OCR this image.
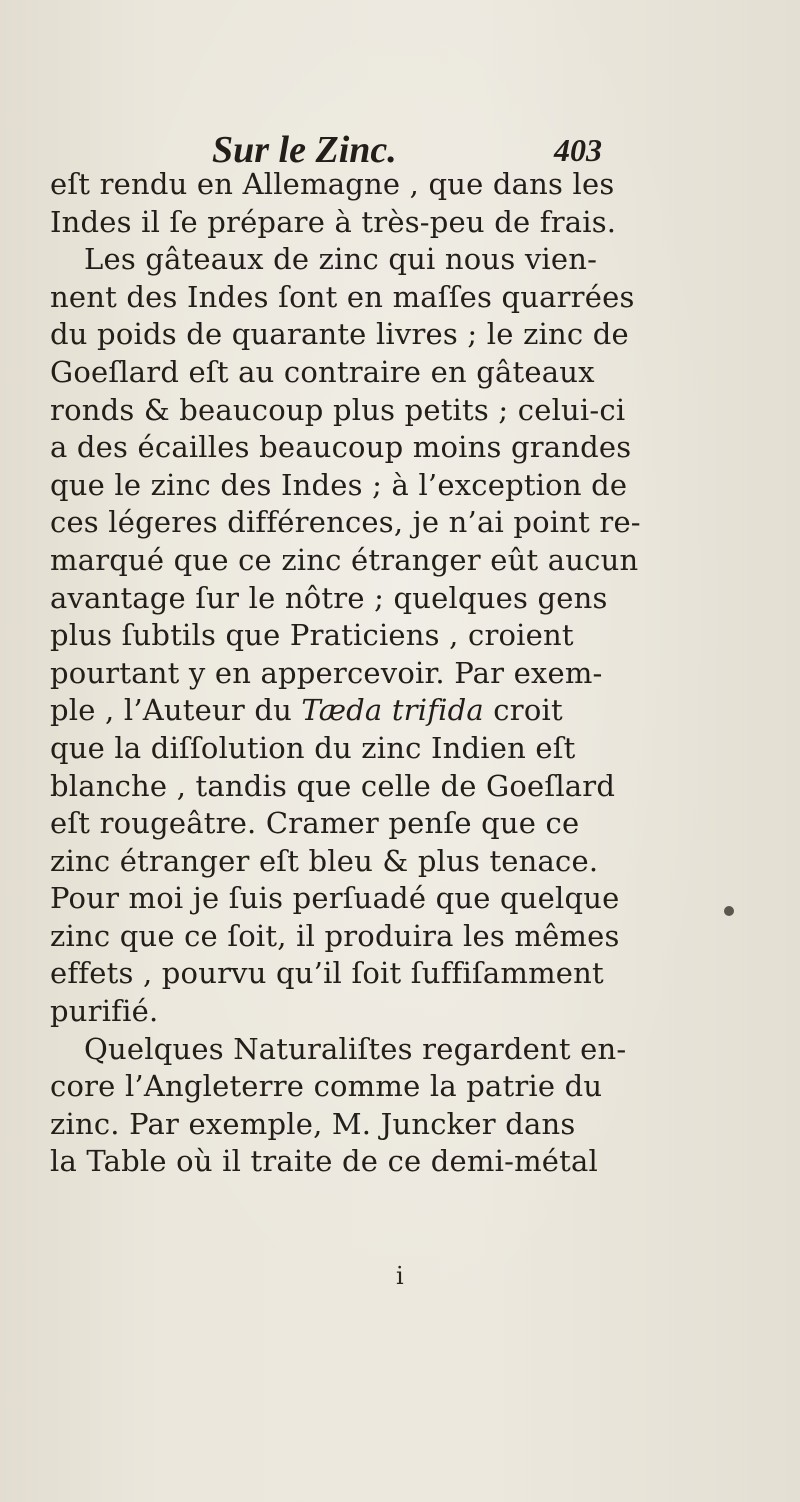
Sur le Zinc.	403
eſt rendu en Allemagne , que dans les
Indes il ſe prépare à très-peu de frais.
Les gâteaux de zinc qui nous vien-
nent des Indes ſont en maſſes quarrées
du poids de quarante livres ; le zinc de
Goeſlard eſt au contraire en gâteaux
ronds & beaucoup plus petits ; celui-ci
a des écailles beaucoup moins grandes
que le zinc des Indes ; à l’exception de
ces légeres différences, je n’ai point re-
marqué que ce zinc étranger eût aucun
avantage ſur le nôtre ; quelques gens
plus ſubtils que Praticiens , croient
pourtant y en appercevoir. Par exem-
ple , l’Auteur du Tæda trifida croit
que la diſſolution du zinc Indien eſt
blanche , tandis que celle de Goeſlard
eſt rougeâtre. Cramer penſe que ce
zinc étranger eſt bleu & plus tenace.
Pour moi je ſuis perſuadé que quelque
zinc que ce ſoit, il produira les mêmes
effets , pourvu qu’il ſoit ſuffiſamment
purifié.
Quelques Naturaliſtes regardent en-
core l’Angleterre comme la patrie du
zinc. Par exemple, M. Juncker dans
la Table où il traite de ce demi-métal
i
